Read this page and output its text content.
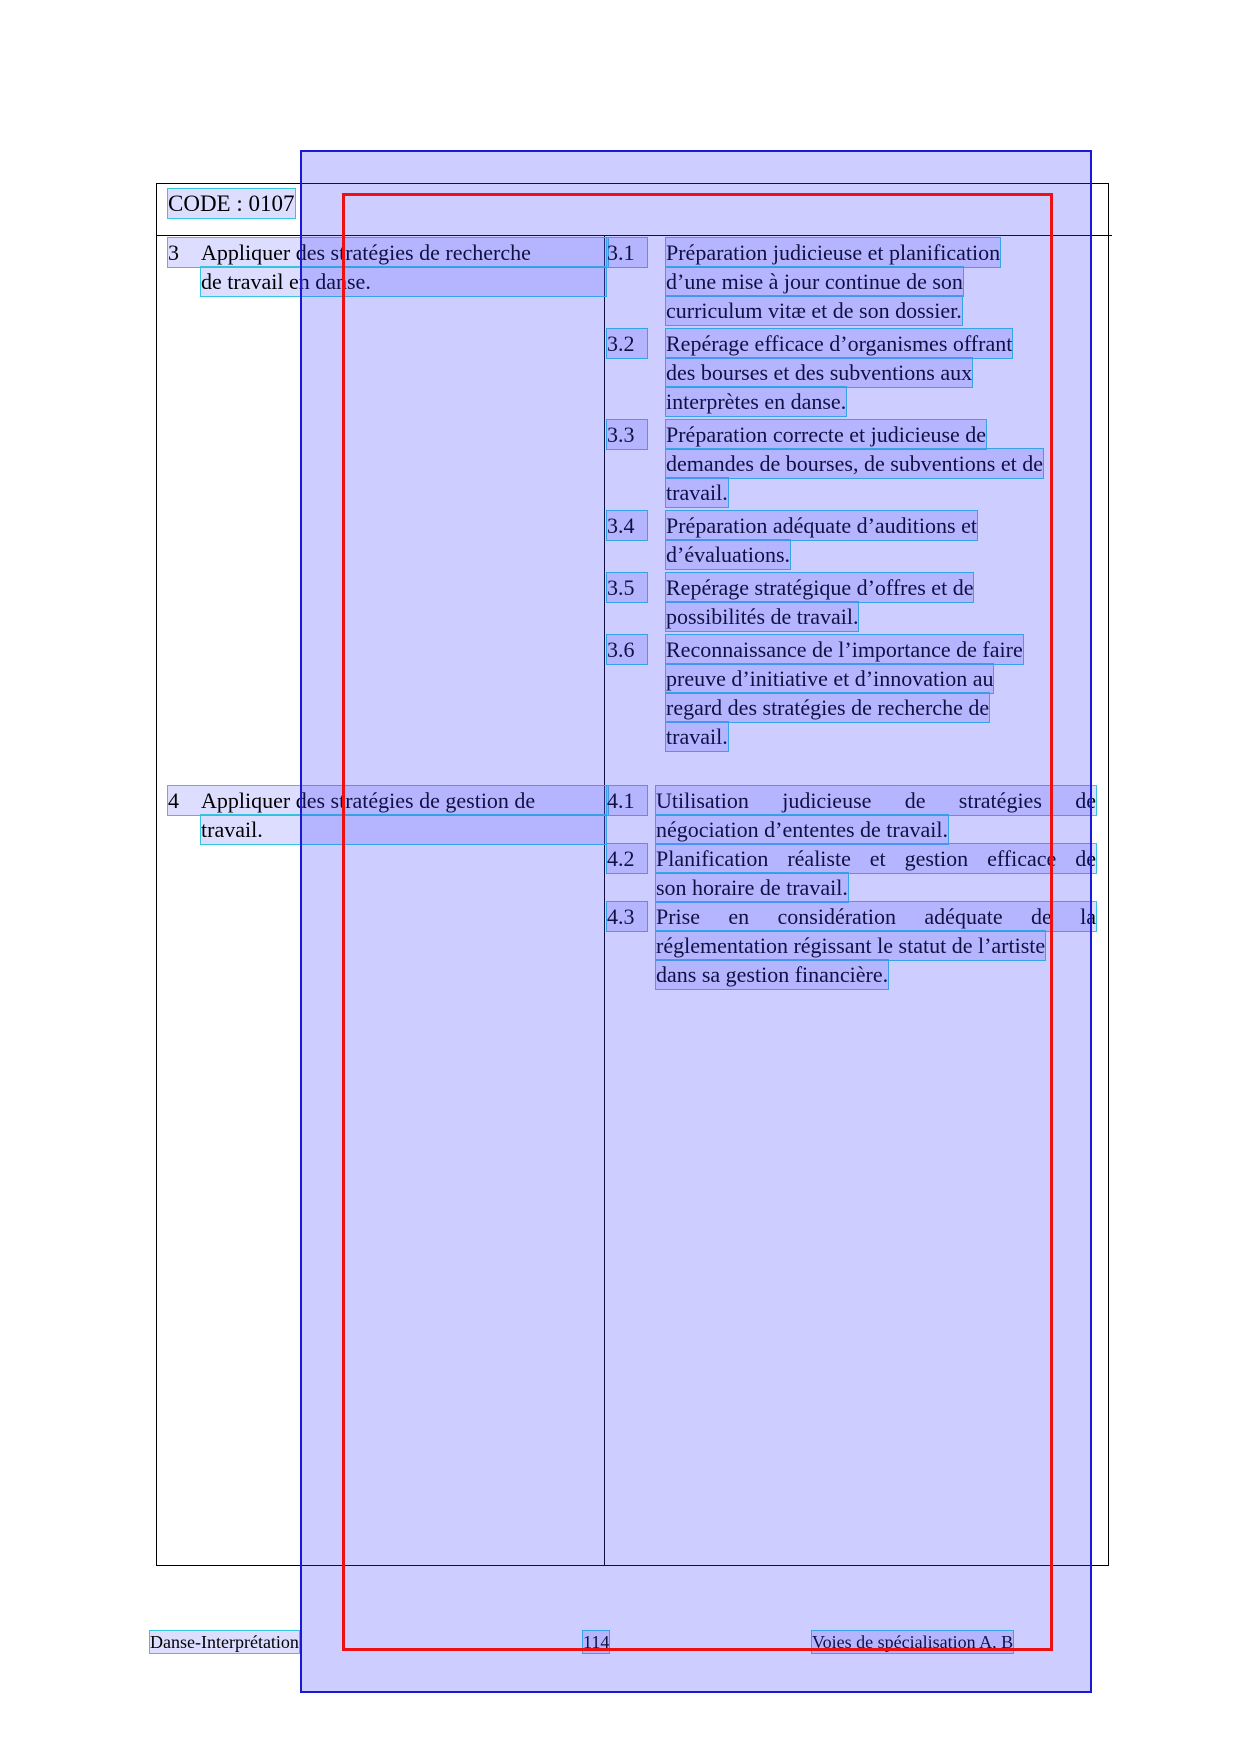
CODE : 0107
3 Appliquer des stratégies de recherche
de travail en danse.
3.1	Préparation judicieuse et planification
d’une mise à jour continue de son
curriculum vitæ et de son dossier.
3.2	Repérage efficace d’organismes offrant
des bourses et des subventions aux
interprètes en danse.
3.3	Préparation correcte et judicieuse de
demandes de bourses, de subventions et de
travail.
3.4	Préparation adéquate d’auditions et
d’évaluations.
3.5	Repérage stratégique d’offres et de
possibilités de travail.
3.6	Reconnaissance de l’importance de faire
preuve d’initiative et d’innovation au
regard des stratégies de recherche de
travail.
4 Appliquer des stratégies de gestion de
travail.
4.1 Utilisation judicieuse de stratégies de
négociation d’ententes de travail.
4.2 Planification réaliste et gestion efficace de
son horaire de travail.
4.3 Prise en considération adéquate de la
réglementation régissant le statut de l’artiste
dans sa gestion financière.
Danse-Interprétation	114	Voies de spécialisation A, B
